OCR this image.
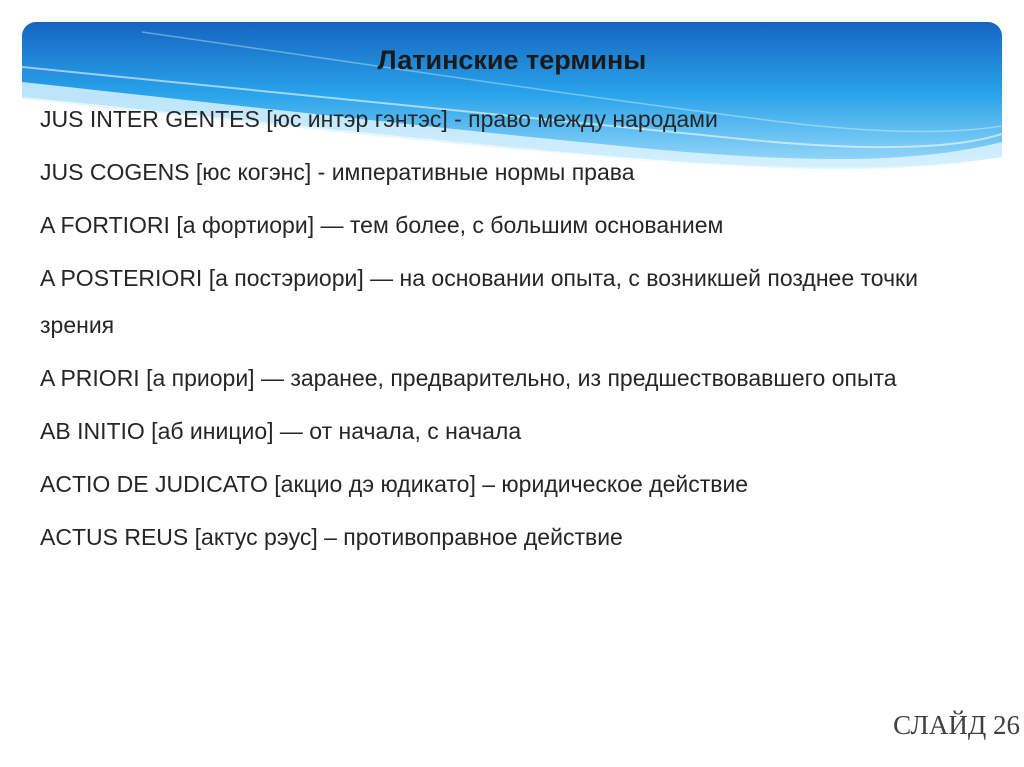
Латинские термины
JUS INTER GENTES [юс интэр гэнтэс] - право между народами
JUS COGENS [юс когэнс] - императивные нормы права
A FORTIORI [а фортиори] — тем более, с большим основанием
A POSTERIORI [а постэриори] — на основании опыта, с возникшей позднее точки зрения
A PRIORI [а приори] — заранее, предварительно, из предшествовавшего опыта
AB INITIO [аб инициo] — от начала, с начала
ACTIO DE JUDICATO [акцио дэ юдикато] – юридическое действие
ACTUS REUS [актус рэус] – противоправное действие
СЛАЙД 26
